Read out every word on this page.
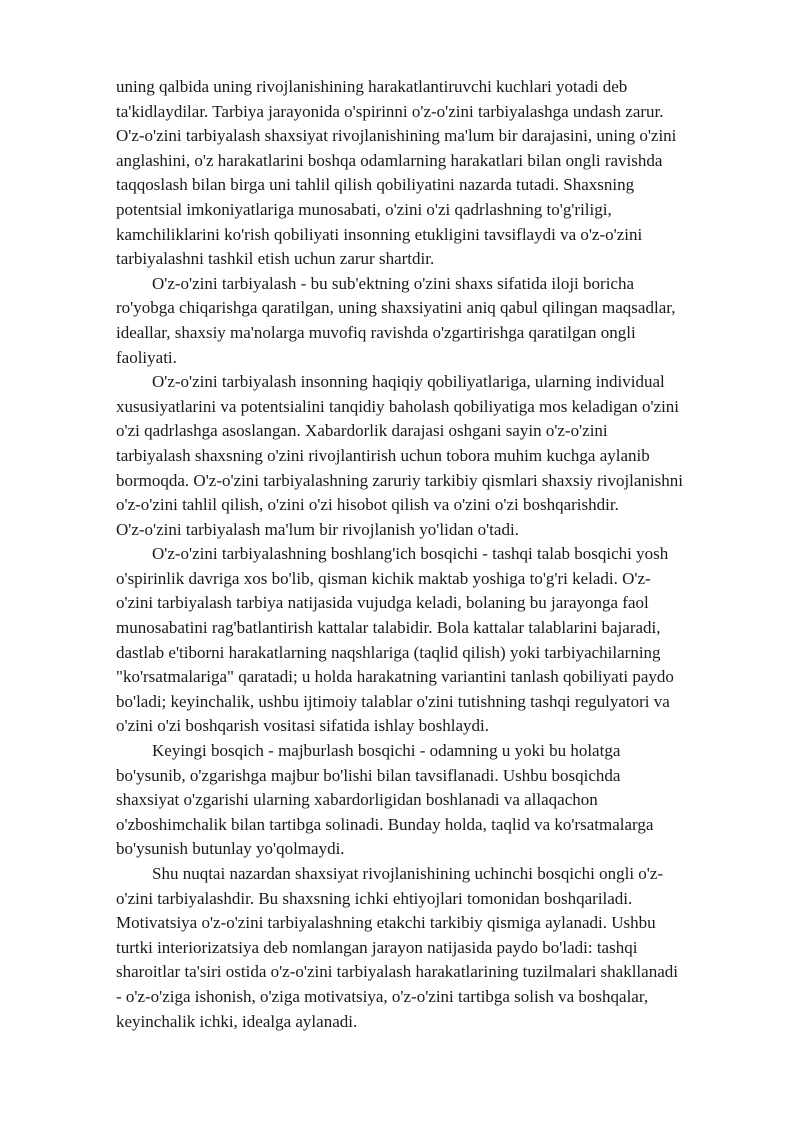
uning qalbida uning rivojlanishining harakatlantiruvchi kuchlari yotadi deb
ta'kidlaydilar. Tarbiya jarayonida o'spirinni o'z-o'zini tarbiyalashga undash zarur.
O'z-o'zini tarbiyalash shaxsiyat rivojlanishining ma'lum bir darajasini, uning o'zini
anglashini, o'z harakatlarini boshqa odamlarning harakatlari bilan ongli ravishda
taqqoslash bilan birga uni tahlil qilish qobiliyatini nazarda tutadi. Shaxsning
potentsial imkoniyatlariga munosabati, o'zini o'zi qadrlashning to'g'riligi,
kamchiliklarini ko'rish qobiliyati insonning etukligini tavsiflaydi va o'z-o'zini
tarbiyalashni tashkil etish uchun zarur shartdir.

O'z-o'zini tarbiyalash - bu sub'ektning o'zini shaxs sifatida iloji boricha
ro'yobga chiqarishga qaratilgan, uning shaxsiyatini aniq qabul qilingan maqsadlar,
ideallar, shaxsiy ma'nolarga muvofiq ravishda o'zgartirishga qaratilgan ongli
faoliyati.

O'z-o'zini tarbiyalash insonning haqiqiy qobiliyatlariga, ularning individual
xususiyatlarini va potentsialini tanqidiy baholash qobiliyatiga mos keladigan o'zini
o'zi qadrlashga asoslangan. Xabardorlik darajasi oshgani sayin o'z-o'zini
tarbiyalash shaxsning o'zini rivojlantirish uchun tobora muhim kuchga aylanib
bormoqda. O'z-o'zini tarbiyalashning zaruriy tarkibiy qismlari shaxsiy rivojlanishni
o'z-o'zini tahlil qilish, o'zini o'zi hisobot qilish va o'zini o'zi boshqarishdir.
O'z-o'zini tarbiyalash ma'lum bir rivojlanish yo'lidan o'tadi.

O'z-o'zini tarbiyalashning boshlang'ich bosqichi - tashqi talab bosqichi yosh
o'spirinlik davriga xos bo'lib, qisman kichik maktab yoshiga to'g'ri keladi. O'z-
o'zini tarbiyalash tarbiya natijasida vujudga keladi, bolaning bu jarayonga faol
munosabatini rag'batlantirish kattalar talabidir. Bola kattalar talablarini bajaradi,
dastlab e'tiborni harakatlarning naqshlariga (taqlid qilish) yoki tarbiyachilarning
"ko'rsatmalariga" qaratadi; u holda harakatning variantini tanlash qobiliyati paydo
bo'ladi; keyinchalik, ushbu ijtimoiy talablar o'zini tutishning tashqi regulyatori va
o'zini o'zi boshqarish vositasi sifatida ishlay boshlaydi.

Keyingi bosqich - majburlash bosqichi - odamning u yoki bu holatga
bo'ysunib, o'zgarishga majbur bo'lishi bilan tavsiflanadi. Ushbu bosqichda
shaxsiyat o'zgarishi ularning xabardorligidan boshlanadi va allaqachon
o'zboshimchalik bilan tartibga solinadi. Bunday holda, taqlid va ko'rsatmalarga
bo'ysunish butunlay yo'qolmaydi.

Shu nuqtai nazardan shaxsiyat rivojlanishining uchinchi bosqichi ongli o'z-
o'zini tarbiyalashdir. Bu shaxsning ichki ehtiyojlari tomonidan boshqariladi.
Motivatsiya o'z-o'zini tarbiyalashning etakchi tarkibiy qismiga aylanadi. Ushbu
turtki interiorizatsiya deb nomlangan jarayon natijasida paydo bo'ladi: tashqi
sharoitlar ta'siri ostida o'z-o'zini tarbiyalash harakatlarining tuzilmalari shakllanadi
- o'z-o'ziga ishonish, o'ziga motivatsiya, o'z-o'zini tartibga solish va boshqalar,
keyinchalik ichki, idealga aylanadi.
